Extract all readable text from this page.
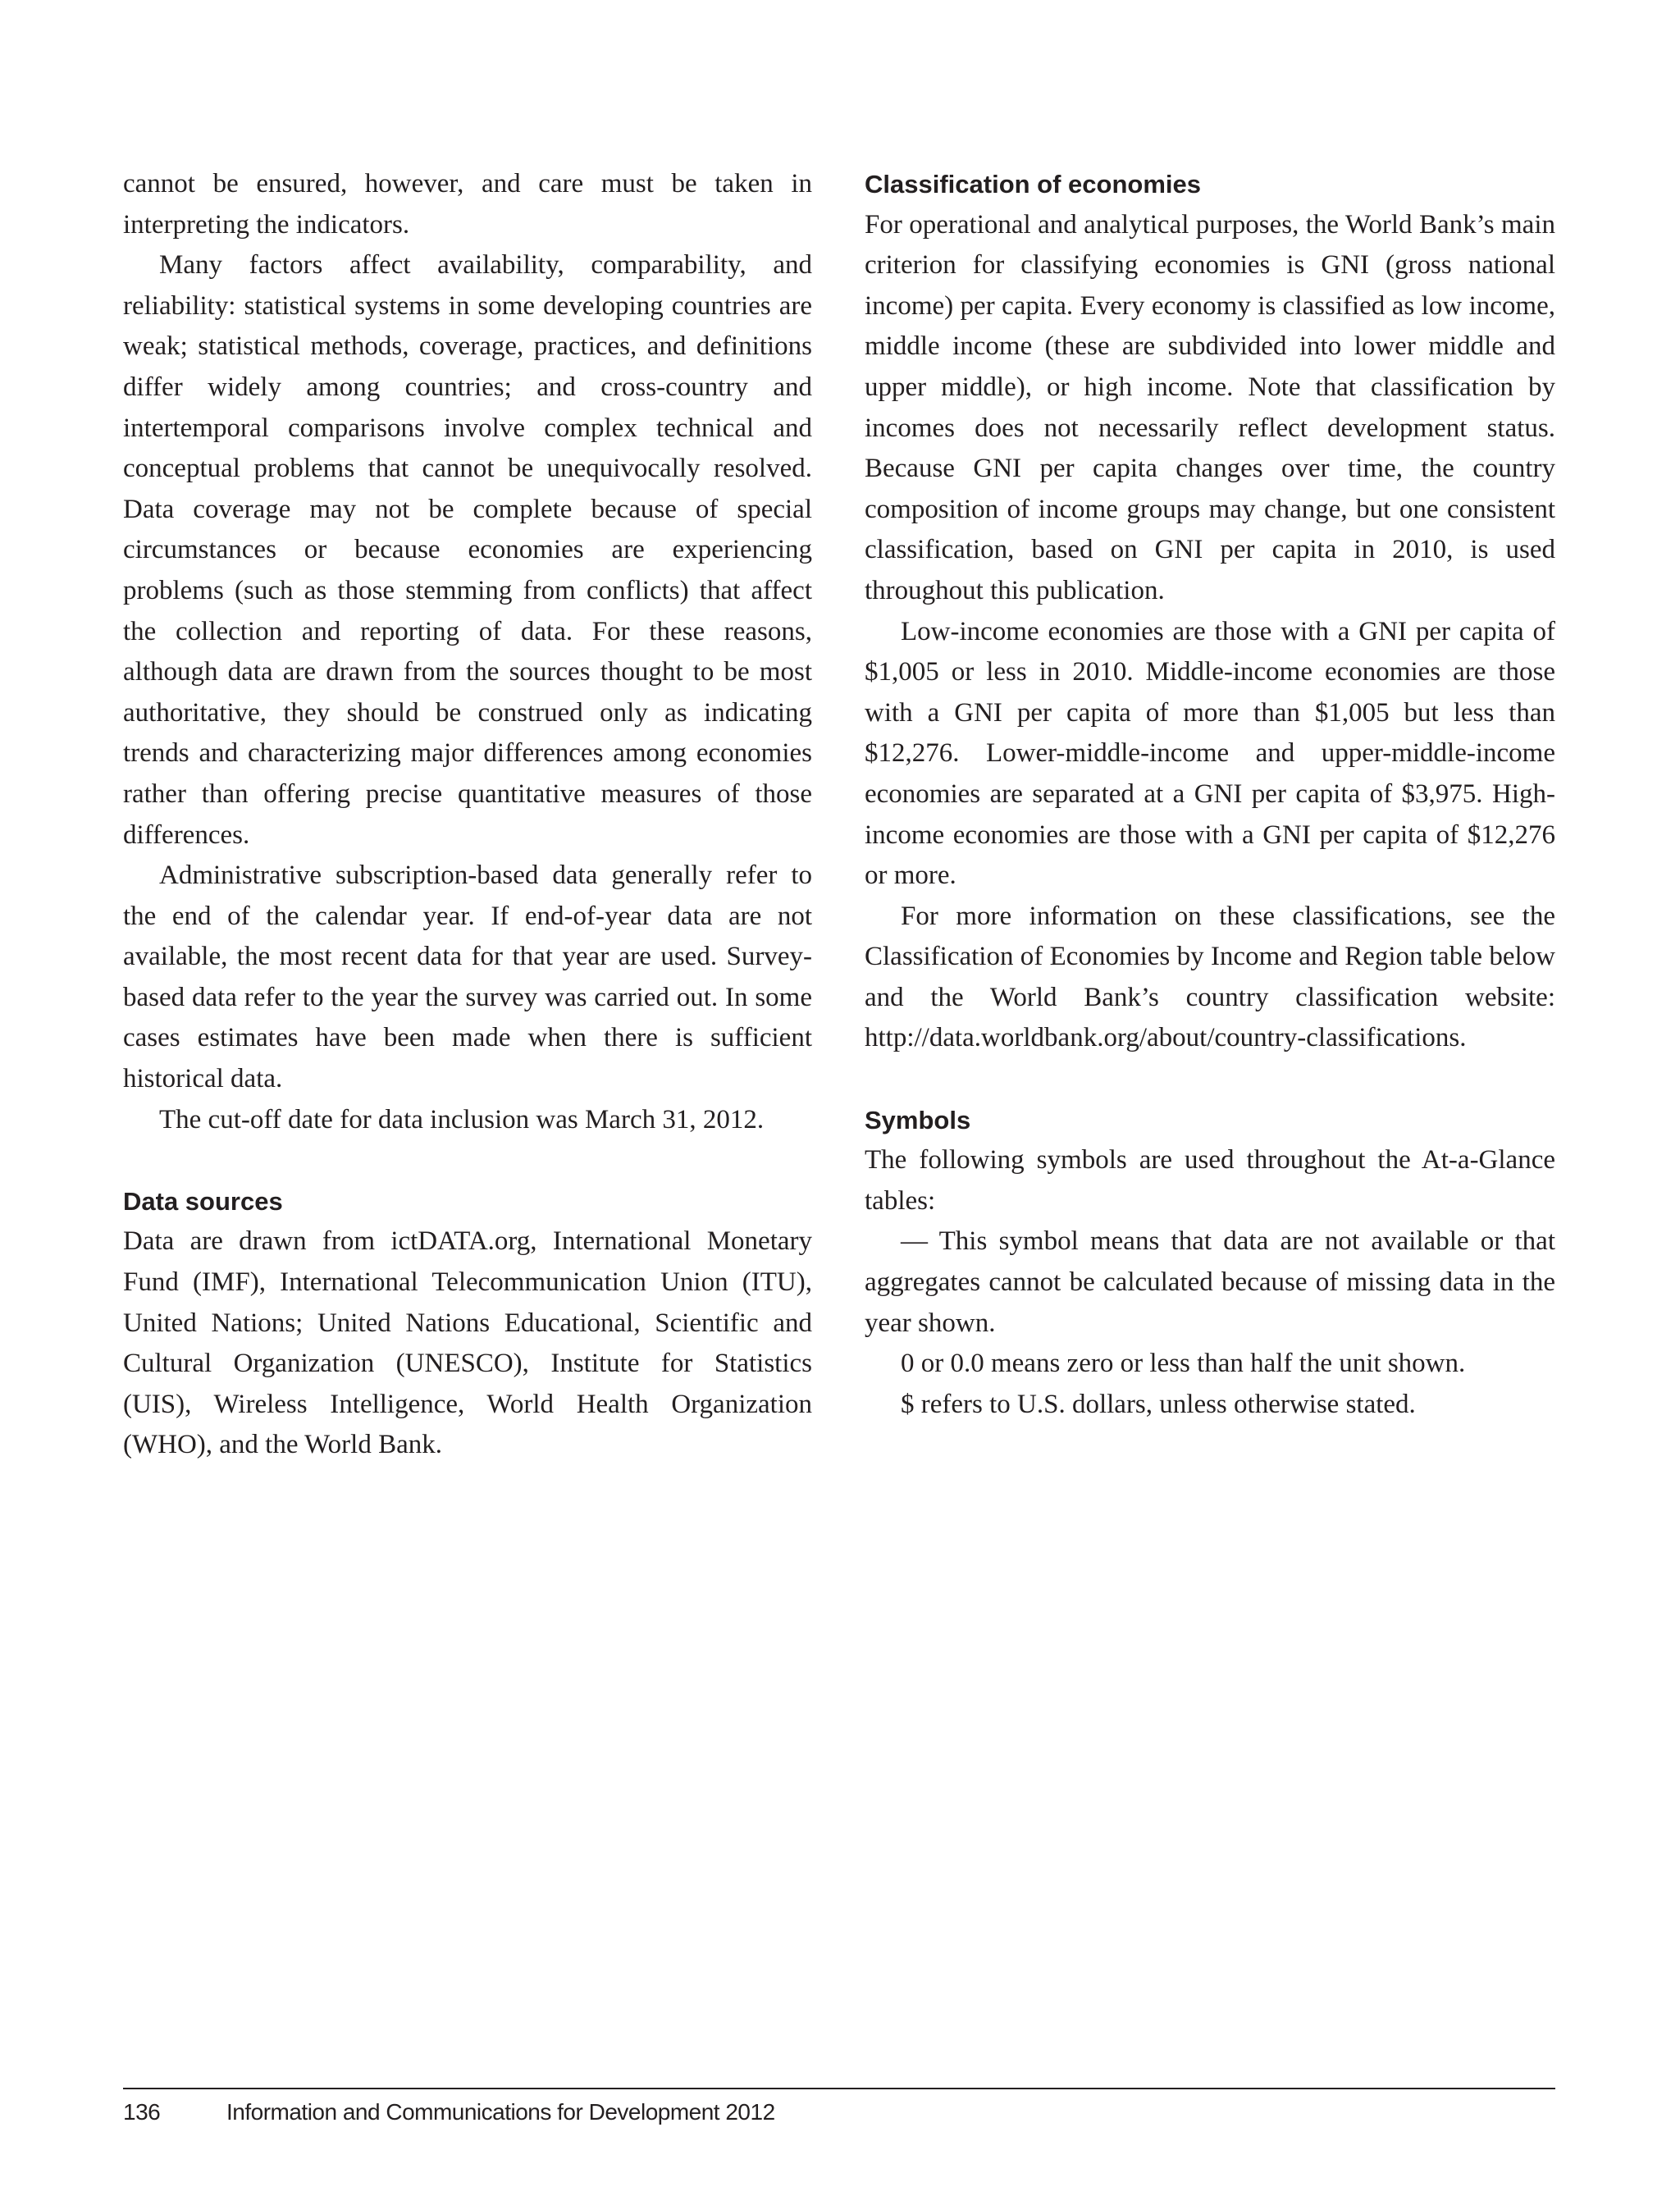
cannot be ensured, however, and care must be taken in interpreting the indicators.

Many factors affect availability, comparability, and reliability: statistical systems in some developing countries are weak; statistical methods, coverage, practices, and definitions differ widely among countries; and cross-country and intertemporal comparisons involve complex technical and conceptual problems that cannot be unequivocally resolved. Data coverage may not be complete because of special circumstances or because economies are experiencing problems (such as those stemming from conflicts) that affect the collection and reporting of data. For these reasons, although data are drawn from the sources thought to be most authoritative, they should be construed only as indicating trends and characterizing major differences among economies rather than offering precise quantitative measures of those differences.

Administrative subscription-based data generally refer to the end of the calendar year. If end-of-year data are not available, the most recent data for that year are used. Survey-based data refer to the year the survey was carried out. In some cases estimates have been made when there is sufficient historical data.

The cut-off date for data inclusion was March 31, 2012.

Data sources

Data are drawn from ictDATA.org, International Monetary Fund (IMF), International Telecommunication Union (ITU), United Nations; United Nations Educational, Scientific and Cultural Organization (UNESCO), Institute for Statistics (UIS), Wireless Intelligence, World Health Organization (WHO), and the World Bank.

Classification of economies

For operational and analytical purposes, the World Bank’s main criterion for classifying economies is GNI (gross national income) per capita. Every economy is classified as low income, middle income (these are subdivided into lower middle and upper middle), or high income. Note that classification by incomes does not necessarily reflect development status. Because GNI per capita changes over time, the country composition of income groups may change, but one consistent classification, based on GNI per capita in 2010, is used throughout this publication.

Low-income economies are those with a GNI per capita of $1,005 or less in 2010. Middle-income economies are those with a GNI per capita of more than $1,005 but less than $12,276. Lower-middle-income and upper-middle-income economies are separated at a GNI per capita of $3,975. High-income economies are those with a GNI per capita of $12,276 or more.

For more information on these classifications, see the Classification of Economies by Income and Region table below and the World Bank’s country classification website: http://data.worldbank.org/about/country-classifications.

Symbols

The following symbols are used throughout the At-a-Glance tables:

— This symbol means that data are not available or that aggregates cannot be calculated because of missing data in the year shown.

0 or 0.0 means zero or less than half the unit shown.

$ refers to U.S. dollars, unless otherwise stated.

136	Information and Communications for Development 2012
